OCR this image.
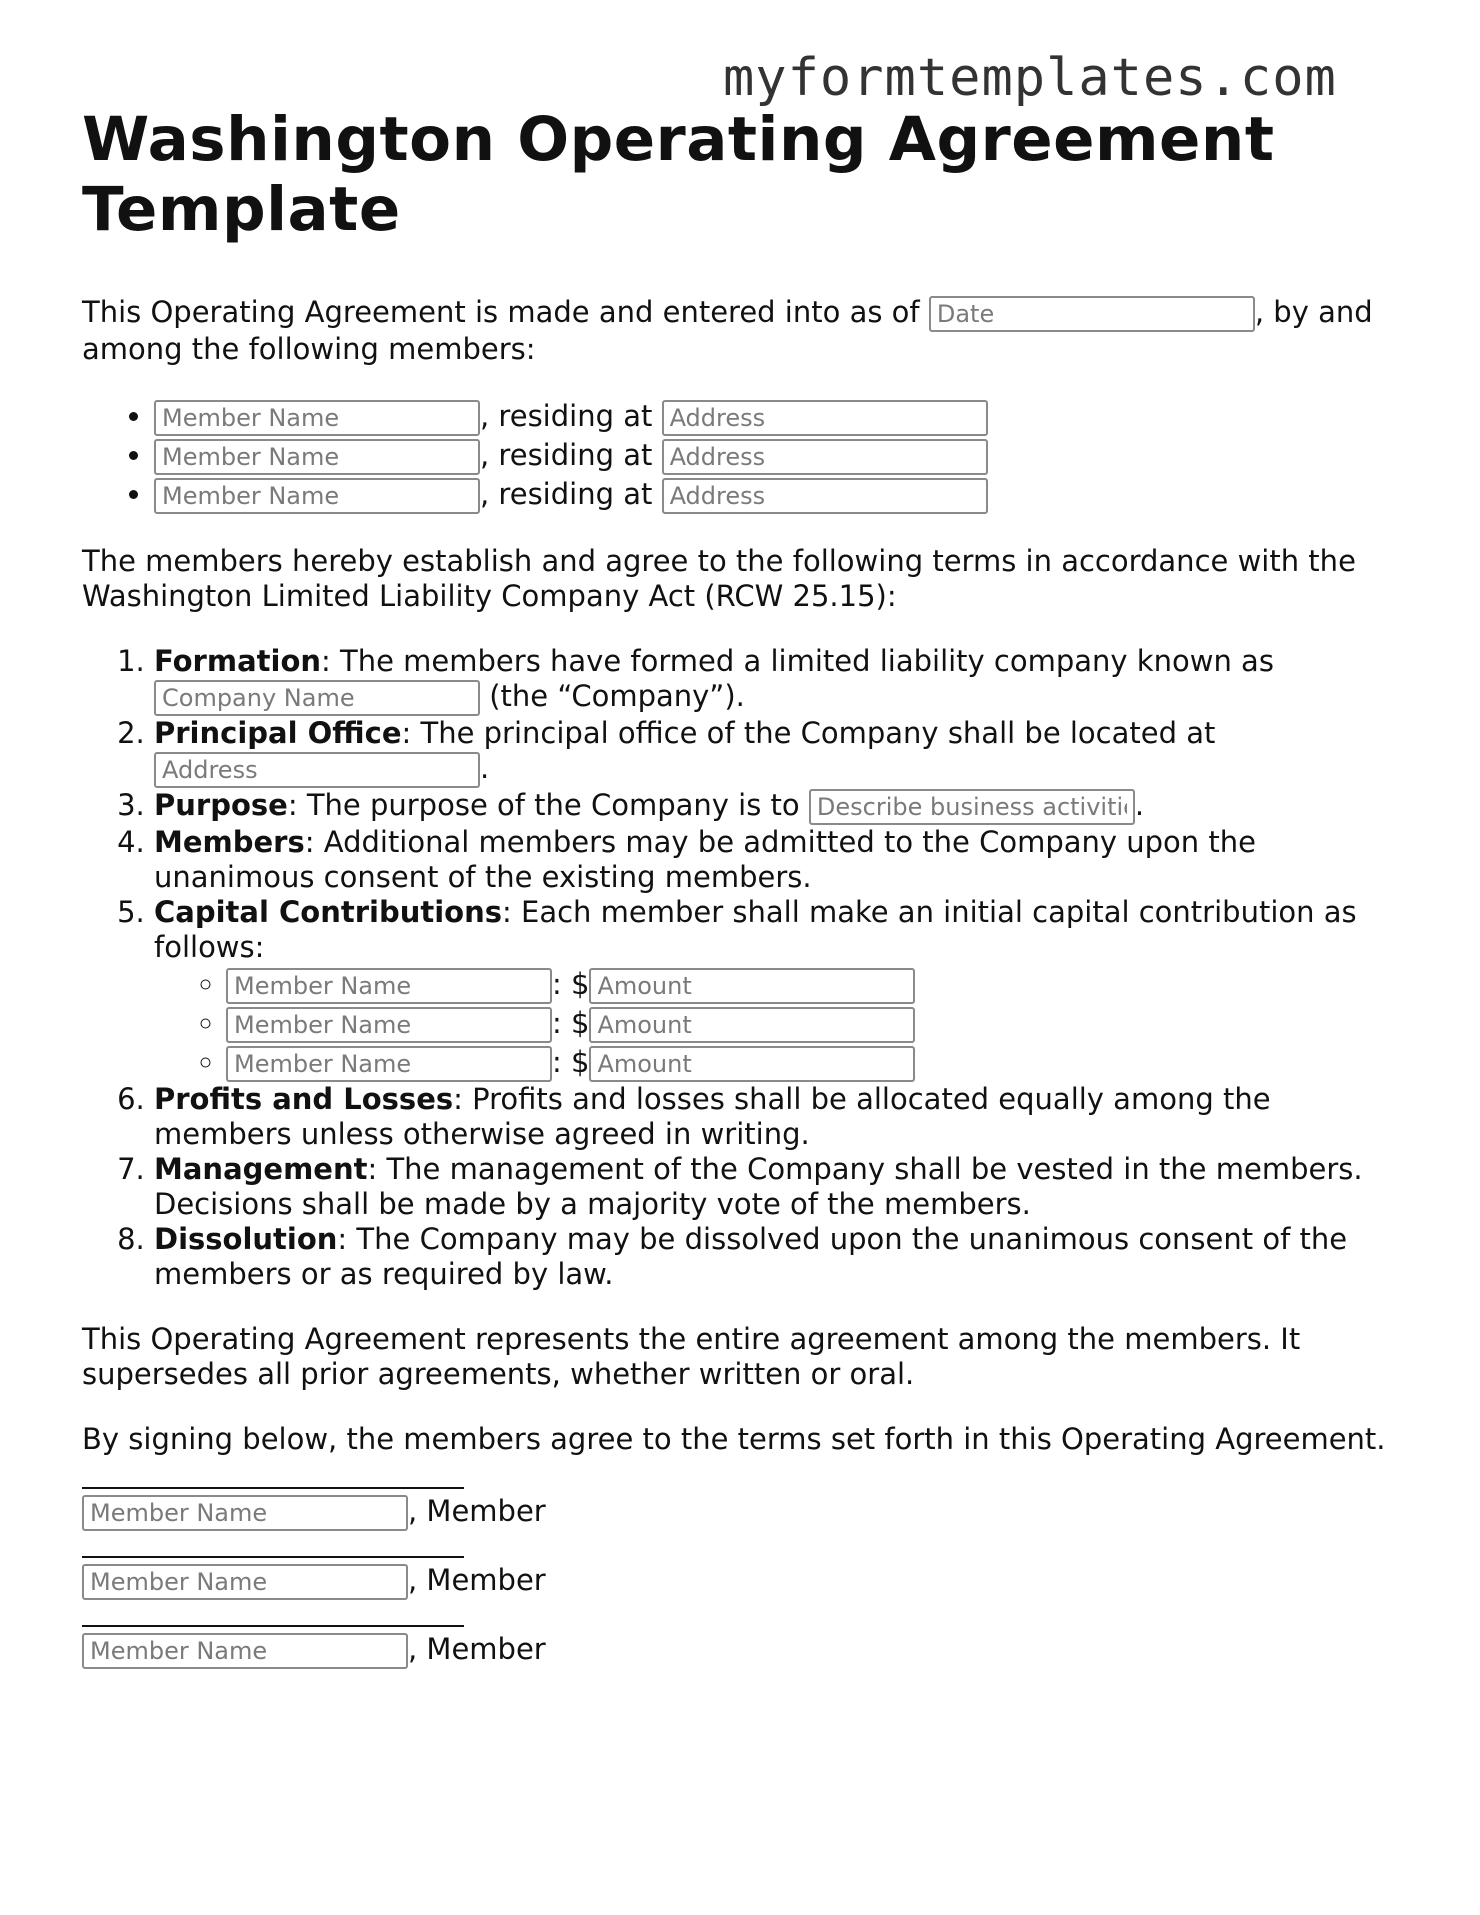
myformtemplates.com
Washington Operating Agreement Template

This Operating Agreement is made and entered into as of Date	, by and among the following members:

Member Name • , residing at Address
Member Name • , residing at Address
Member Name • , residing at Address

The members hereby establish and agree to the following terms in accordance with the Washington Limited Liability Company Act (RCW 25.15):

1. Formation: The members have formed a limited liability company known as Company Name (the “Company”).
2. Principal Office: The principal office of the Company shall be located at Address.
3. Purpose: The purpose of the Company is to Describe business activities	.
4. Members: Additional members may be admitted to the Company upon the unanimous consent of the existing members.
5. Capital Contributions: Each member shall make an initial capital contribution as follows:
Member Name ◦ : $Amount
Member Name ◦ : $Amount
Member Name ◦ : $Amount
6. Profits and Losses: Profits and losses shall be allocated equally among the members unless otherwise agreed in writing.
7. Management: The management of the Company shall be vested in the members. Decisions shall be made by a majority vote of the members.
8. Dissolution: The Company may be dissolved upon the unanimous consent of the members or as required by law.

This Operating Agreement represents the entire agreement among the members. It supersedes all prior agreements, whether written or oral.

By signing below, the members agree to the terms set forth in this Operating Agreement.

Member Name, Member
Member Name, Member
Member Name, Member
